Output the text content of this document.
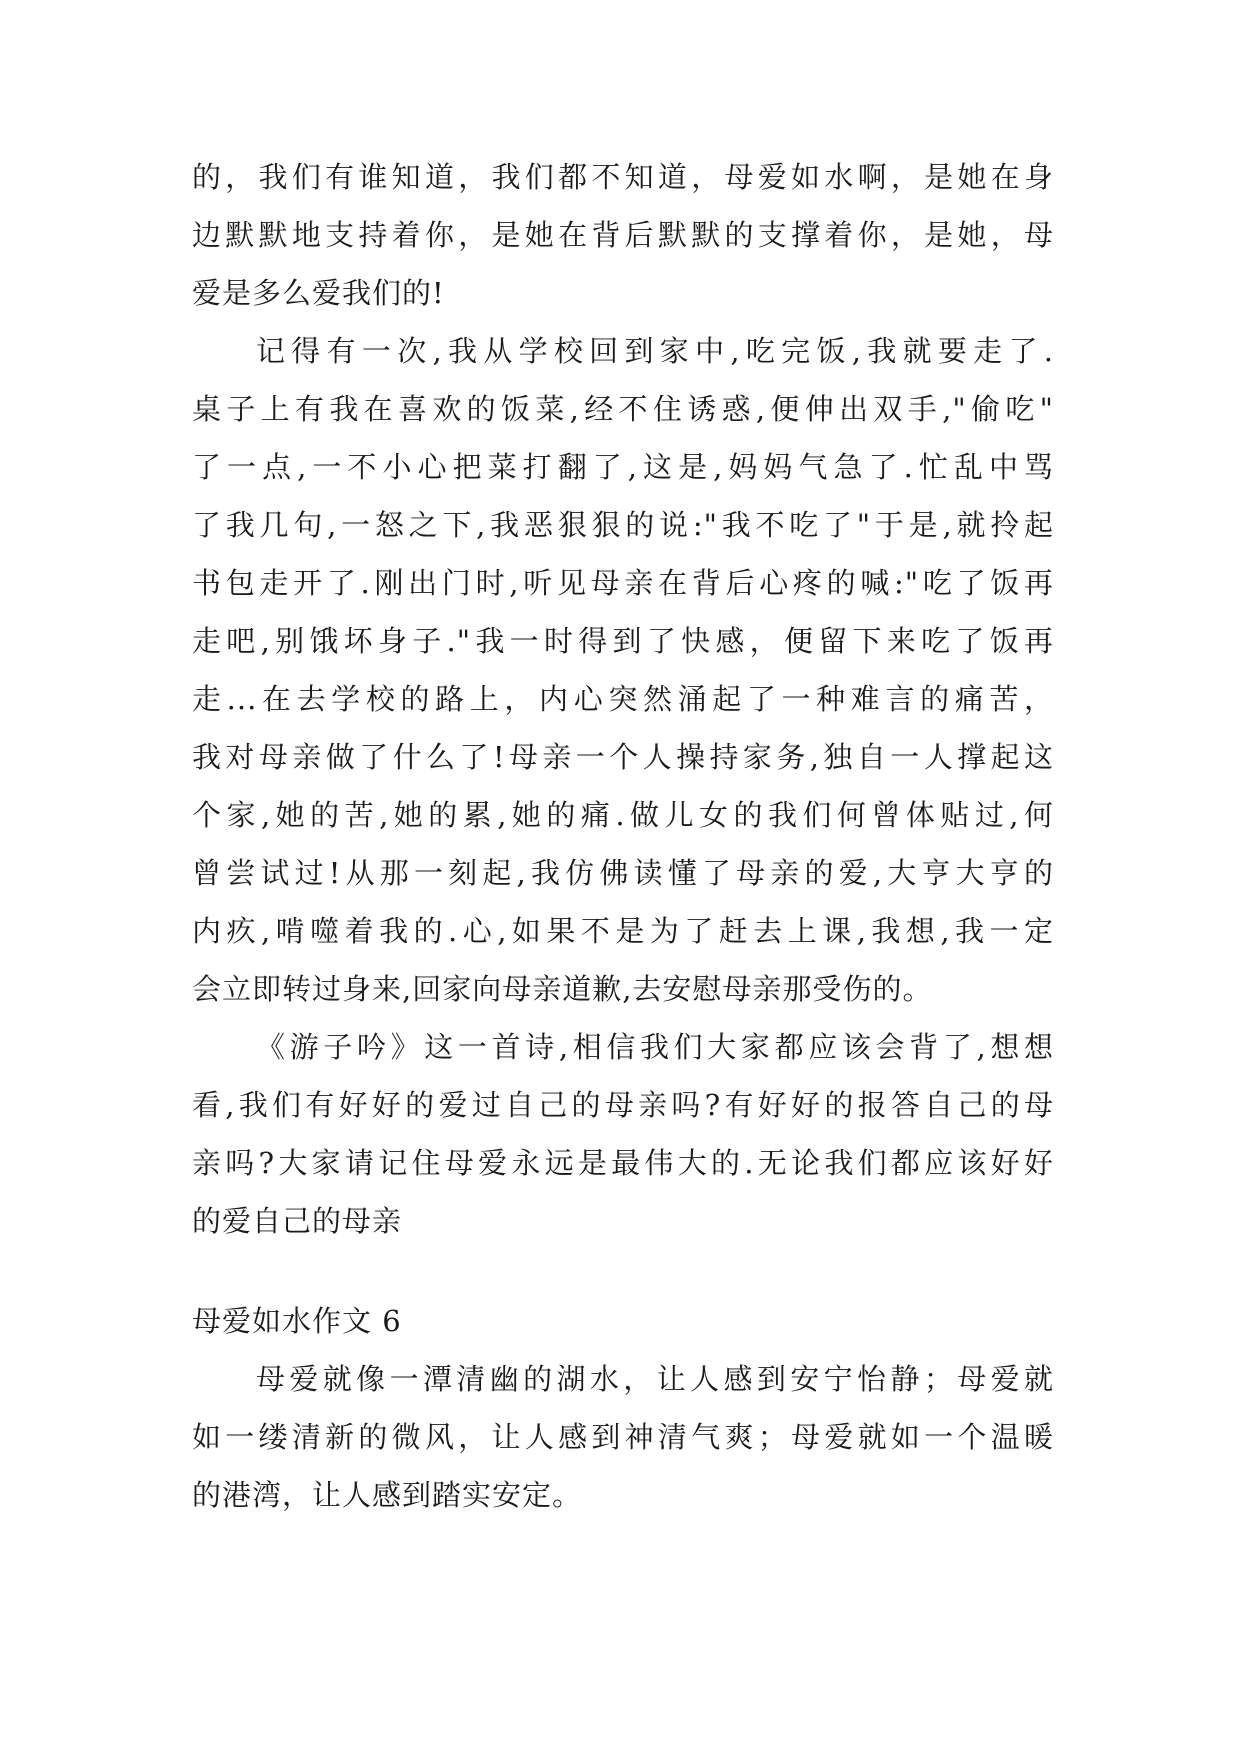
的，我们有谁知道，我们都不知道，母爱如水啊，是她在身
边默默地支持着你，是她在背后默默的支撑着你，是她，母
爱是多么爱我们的!
记得有一次,我从学校回到家中,吃完饭,我就要走了.
桌子上有我在喜欢的饭菜,经不住诱惑,便伸出双手,"偷吃"
了一点,一不小心把菜打翻了,这是,妈妈气急了.忙乱中骂
了我几句,一怒之下,我恶狠狠的说:"我不吃了"于是,就拎起
书包走开了.刚出门时,听见母亲在背后心疼的喊:"吃了饭再
走吧,别饿坏身子."我一时得到了快感，便留下来吃了饭再
走...在去学校的路上，内心突然涌起了一种难言的痛苦，
我对母亲做了什么了!母亲一个人操持家务,独自一人撑起这
个家,她的苦,她的累,她的痛.做儿女的我们何曾体贴过,何
曾尝试过!从那一刻起,我仿佛读懂了母亲的爱,大亨大亨的
内疚,啃噬着我的.心,如果不是为了赶去上课,我想,我一定
会立即转过身来,回家向母亲道歉,去安慰母亲那受伤的。
《游子吟》这一首诗,相信我们大家都应该会背了,想想
看,我们有好好的爱过自己的母亲吗?有好好的报答自己的母
亲吗?大家请记住母爱永远是最伟大的.无论我们都应该好好
的爱自己的母亲
母爱如水作文 6
母爱就像一潭清幽的湖水，让人感到安宁怡静；母爱就
如一缕清新的微风，让人感到神清气爽；母爱就如一个温暖
的港湾，让人感到踏实安定。
